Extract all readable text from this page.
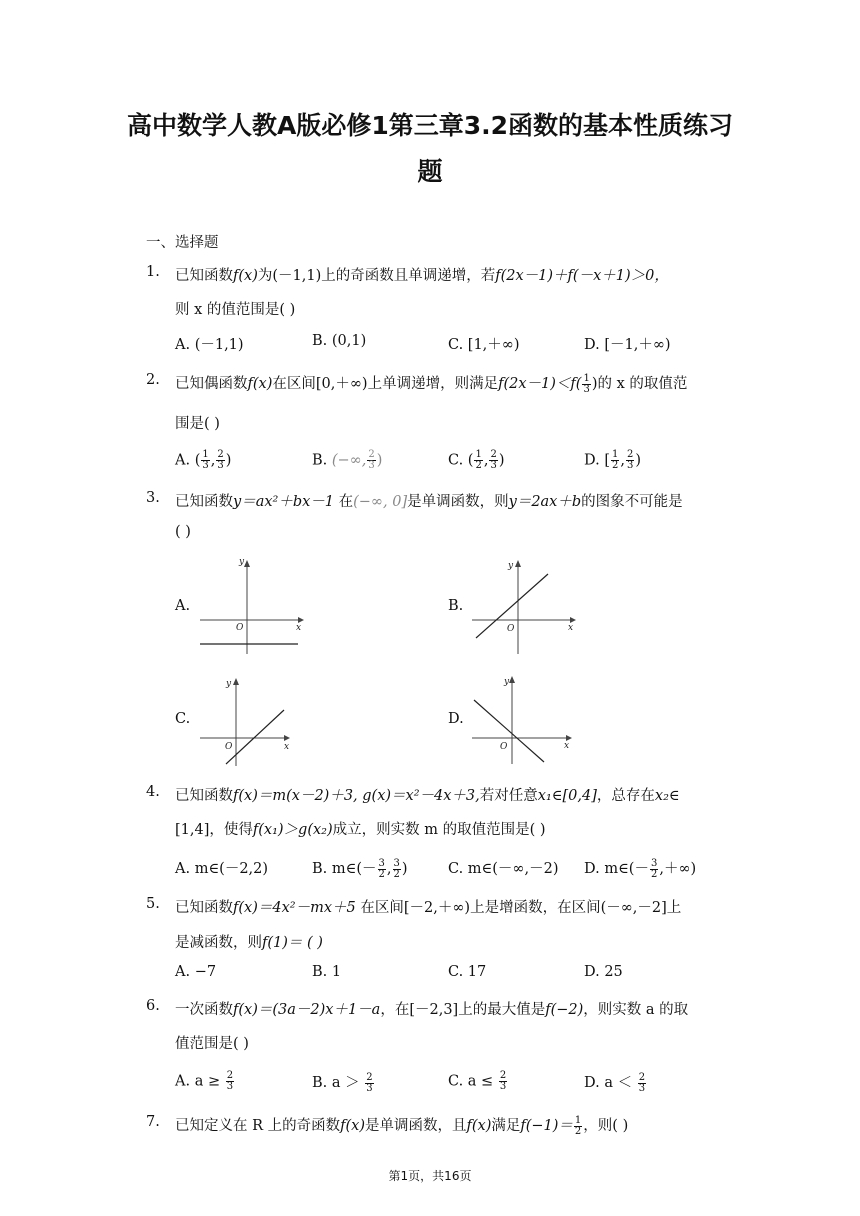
高中数学人教A版必修1第三章3.2函数的基本性质练习
题
一、选择题
1. 已知函数f(x)为(－1,1)上的奇函数且单调递增，若f(2x－1)＋f(－x＋1)＞0，
则 x 的值范围是( )
A. (－1,1)	B. (0,1)	C. [1,＋∞)	D. [－1,＋∞)
2. 已知偶函数f(x)在区间[0,＋∞)上单调递增，则满足$f(2x-1)<f( \frac{1}{3}$ )的 x 的取值范
围是( )
A. ( $\frac{1}{3}$ , $\frac{2}{3}$ )	B. (−∞, $\frac{2}{3}$ )	C. ( $\frac{1}{2}$ , $\frac{2}{3}$ )	D. [ $\frac{1}{2}$ , $\frac{2}{3}$ )
3. 已知函数y＝ax²＋bx－1 在(−∞, 0]是单调函数，则y＝2ax＋b的图象不可能是
( )
A.
y
x
O
B.
y
x
O
C.
y
x
O
D.
y
x
O
4. 已知函数f(x)＝m(x－2)＋3, g(x)＝x²－4x＋3,若对任意x₁∈[0,4]，总存在x₂∈
[1,4]，使得f(x₁)＞g(x₂)成立，则实数 m 的取值范围是( )
A. m∈(－2,2)	B. m∈(－ $\frac{3}{2}$ , $\frac{3}{2}$ )	C. m∈(－∞,－2) D. m∈(－ $\frac{3}{2}$ ,＋∞)
5. 已知函数f(x)＝4x²－mx＋5 在区间[－2,＋∞)上是增函数，在区间(－∞,－2]上
是减函数，则f(1)＝ ( )
A. −7	B. 1	C. 17	D. 25
6. 一次函数f(x)＝(3a－2)x＋1－a，在[－2,3]上的最大值是f(−2)，则实数 a 的取
值范围是( )
A. $a \ge \frac{2}{3}$	B. $a > \frac{2}{3}$	C. $a \le \frac{2}{3}$	D. $a < \frac{2}{3}$
7. 已知定义在 R 上的奇函数f(x)是单调函数，且f(x)满足$f(-1)= \frac{1}{2}$ ，则( )
第1页，共16页
